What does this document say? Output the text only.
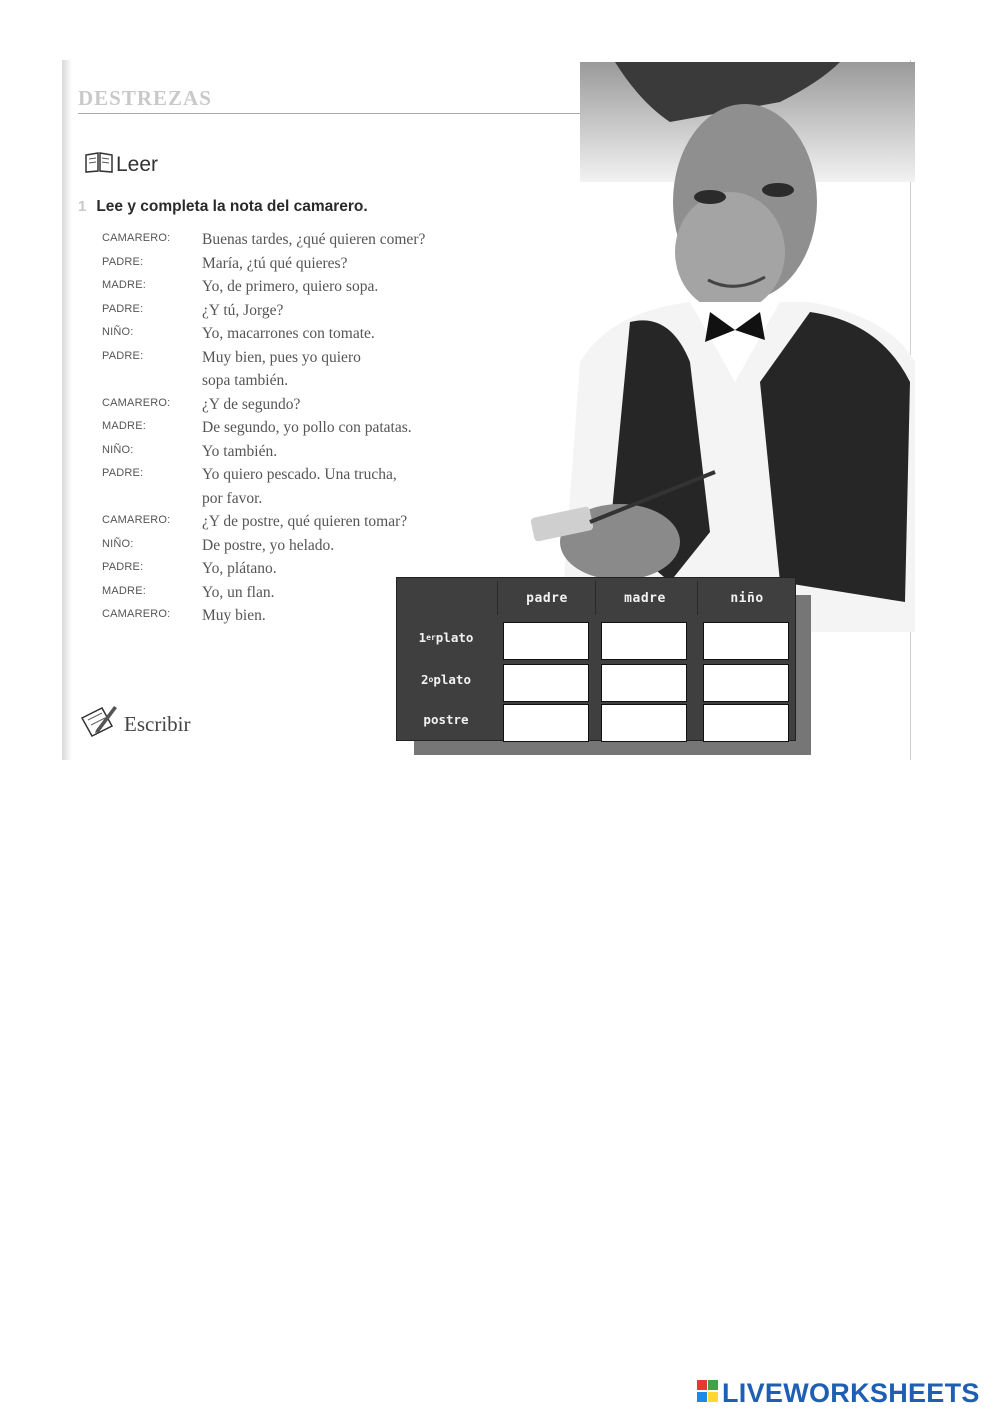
DESTREZAS
Leer
1 Lee y completa la nota del camarero.
CAMARERO:	Buenas tardes, ¿qué quieren comer?
PADRE:	María, ¿tú qué quieres?
MADRE:	Yo, de primero, quiero sopa.
PADRE:	¿Y tú, Jorge?
NIÑO:	Yo, macarrones con tomate.
PADRE:	Muy bien, pues yo quiero
sopa también.
CAMARERO:	¿Y de segundo?
MADRE:	De segundo, yo pollo con patatas.
NIÑO:	Yo también.
PADRE:	Yo quiero pescado. Una trucha,
por favor.
CAMARERO:	¿Y de postre, qué quieren tomar?
NIÑO:	De postre, yo helado.
PADRE:	Yo, plátano.
MADRE:	Yo, un flan.
CAMARERO:	Muy bien.
padre	madre	niño
1 er plato
2 o plato
postre
Escribir
LIVEWORKSHEETS
